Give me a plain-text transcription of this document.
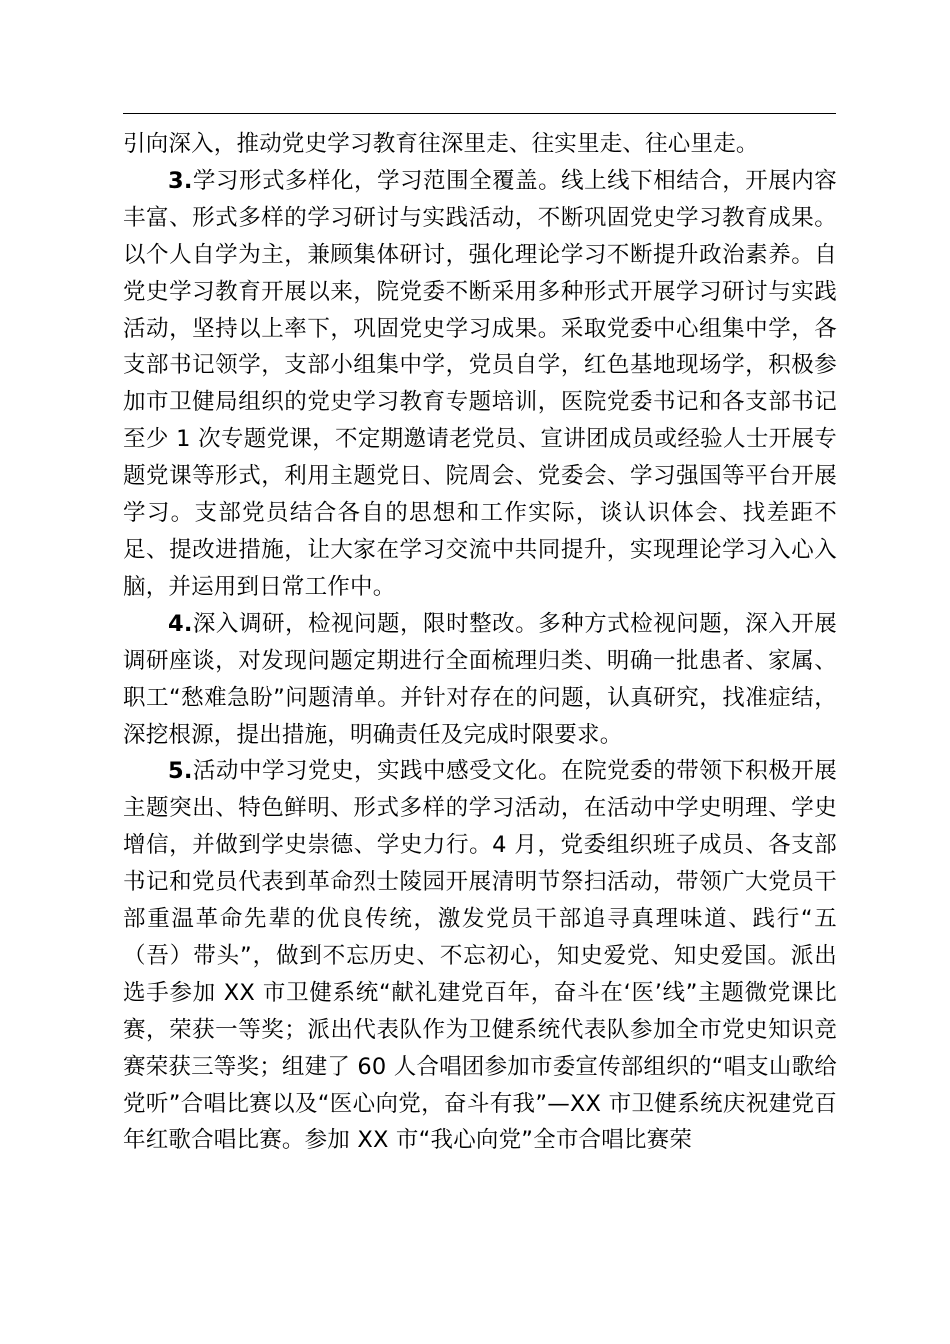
引向深入，推动党史学习教育往深里走、往实里走、往心里走。

3.学习形式多样化，学习范围全覆盖。线上线下相结合，开展内容丰富、形式多样的学习研讨与实践活动，不断巩固党史学习教育成果。以个人自学为主，兼顾集体研讨，强化理论学习不断提升政治素养。自党史学习教育开展以来，院党委不断采用多种形式开展学习研讨与实践活动，坚持以上率下，巩固党史学习成果。采取党委中心组集中学，各支部书记领学，支部小组集中学，党员自学，红色基地现场学，积极参加市卫健局组织的党史学习教育专题培训，医院党委书记和各支部书记至少 1 次专题党课，不定期邀请老党员、宣讲团成员或经验人士开展专题党课等形式，利用主题党日、院周会、党委会、学习强国等平台开展学习。支部党员结合各自的思想和工作实际，谈认识体会、找差距不足、提改进措施，让大家在学习交流中共同提升，实现理论学习入心入脑，并运用到日常工作中。

4.深入调研，检视问题，限时整改。多种方式检视问题，深入开展调研座谈，对发现问题定期进行全面梳理归类、明确一批患者、家属、职工“愁难急盼”问题清单。并针对存在的问题，认真研究，找准症结，深挖根源，提出措施，明确责任及完成时限要求。

5.活动中学习党史，实践中感受文化。在院党委的带领下积极开展主题突出、特色鲜明、形式多样的学习活动，在活动中学史明理、学史增信，并做到学史崇德、学史力行。4 月，党委组织班子成员、各支部书记和党员代表到革命烈士陵园开展清明节祭扫活动，带领广大党员干部重温革命先辈的优良传统，激发党员干部追寻真理味道、践行“五（吾）带头”，做到不忘历史、不忘初心，知史爱党、知史爱国。派出选手参加 XX 市卫健系统“献礼建党百年，奋斗在‘医’线”主题微党课比赛，荣获一等奖；派出代表队作为卫健系统代表队参加全市党史知识竞赛荣获三等奖；组建了 60 人合唱团参加市委宣传部组织的“唱支山歌给党听”合唱比赛以及“医心向党，奋斗有我”—XX 市卫健系统庆祝建党百年红歌合唱比赛。参加 XX 市“我心向党”全市合唱比赛荣
